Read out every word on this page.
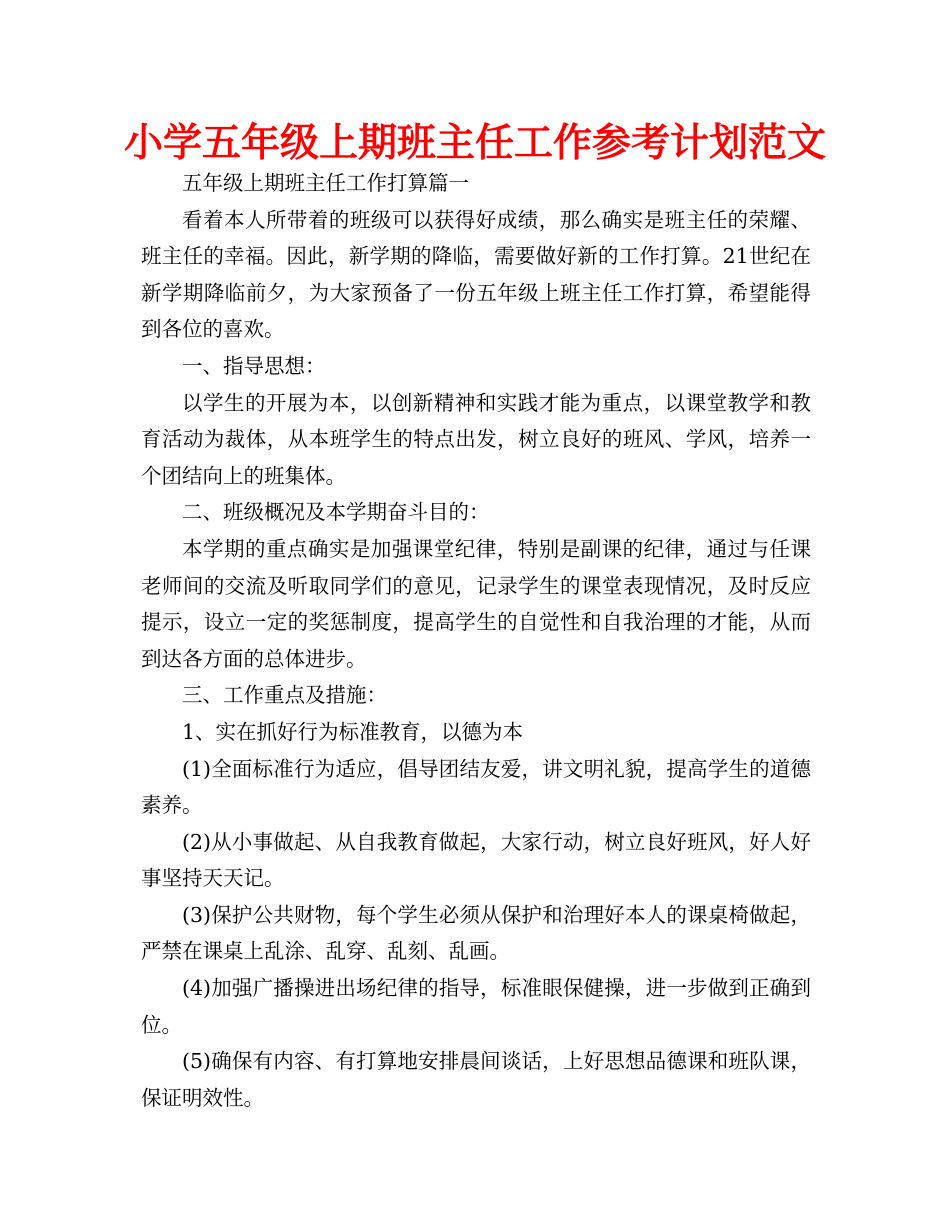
小学五年级上期班主任工作参考计划范文

五年级上期班主任工作打算篇一

看着本人所带着的班级可以获得好成绩，那么确实是班主任的荣耀、班主任的幸福。因此，新学期的降临，需要做好新的工作打算。21世纪在新学期降临前夕，为大家预备了一份五年级上班主任工作打算，希望能得到各位的喜欢。

一、指导思想：

以学生的开展为本，以创新精神和实践才能为重点，以课堂教学和教育活动为裁体，从本班学生的特点出发，树立良好的班风、学风，培养一个团结向上的班集体。

二、班级概况及本学期奋斗目的：

本学期的重点确实是加强课堂纪律，特别是副课的纪律，通过与任课老师间的交流及听取同学们的意见，记录学生的课堂表现情况，及时反应提示，设立一定的奖惩制度，提高学生的自觉性和自我治理的才能，从而到达各方面的总体进步。

三、工作重点及措施：

1、实在抓好行为标准教育，以德为本

(1)全面标准行为适应，倡导团结友爱，讲文明礼貌，提高学生的道德素养。

(2)从小事做起、从自我教育做起，大家行动，树立良好班风，好人好事坚持天天记。

(3)保护公共财物，每个学生必须从保护和治理好本人的课桌椅做起，严禁在课桌上乱涂、乱穿、乱刻、乱画。

(4)加强广播操进出场纪律的指导，标准眼保健操，进一步做到正确到位。

(5)确保有内容、有打算地安排晨间谈话，上好思想品德课和班队课，保证明效性。
